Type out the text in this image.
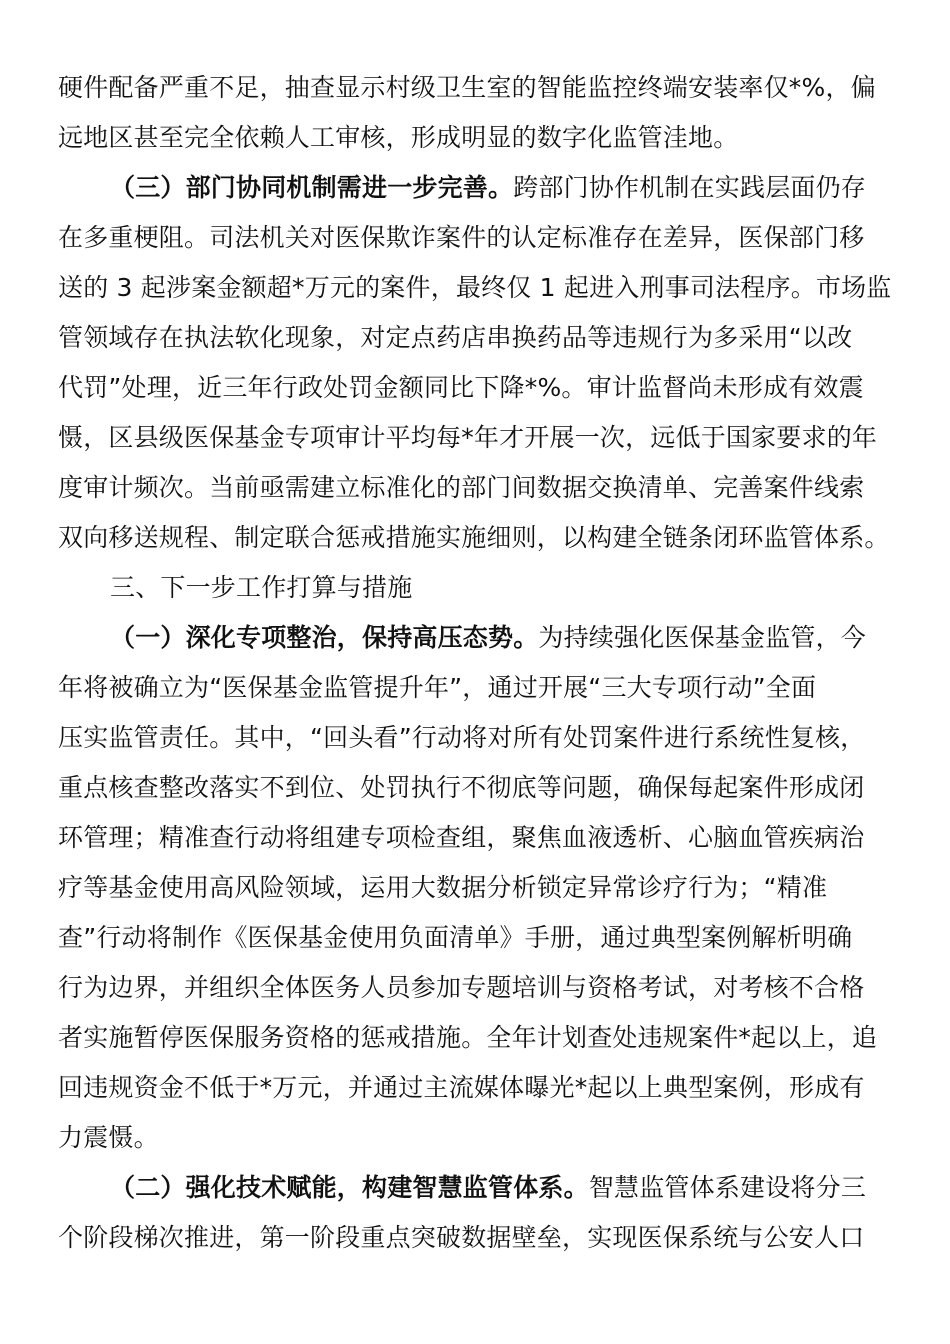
硬件配备严重不足，抽查显示村级卫生室的智能监控终端安装率仅*%，偏
远地区甚至完全依赖人工审核，形成明显的数字化监管洼地。
（三）部门协同机制需进一步完善。跨部门协作机制在实践层面仍存
在多重梗阻。司法机关对医保欺诈案件的认定标准存在差异，医保部门移
送的 3 起涉案金额超*万元的案件，最终仅 1 起进入刑事司法程序。市场监
管领域存在执法软化现象，对定点药店串换药品等违规行为多采用“以改
代罚”处理，近三年行政处罚金额同比下降*%。审计监督尚未形成有效震
慑，区县级医保基金专项审计平均每*年才开展一次，远低于国家要求的年
度审计频次。当前亟需建立标准化的部门间数据交换清单、完善案件线索
双向移送规程、制定联合惩戒措施实施细则，以构建全链条闭环监管体系。
三、下一步工作打算与措施
（一）深化专项整治，保持高压态势。为持续强化医保基金监管，今
年将被确立为“医保基金监管提升年”，通过开展“三大专项行动”全面
压实监管责任。其中，“回头看”行动将对所有处罚案件进行系统性复核，
重点核查整改落实不到位、处罚执行不彻底等问题，确保每起案件形成闭
环管理；精准查行动将组建专项检查组，聚焦血液透析、心脑血管疾病治
疗等基金使用高风险领域，运用大数据分析锁定异常诊疗行为；“精准
查”行动将制作《医保基金使用负面清单》手册，通过典型案例解析明确
行为边界，并组织全体医务人员参加专题培训与资格考试，对考核不合格
者实施暂停医保服务资格的惩戒措施。全年计划查处违规案件*起以上，追
回违规资金不低于*万元，并通过主流媒体曝光*起以上典型案例，形成有
力震慑。
（二）强化技术赋能，构建智慧监管体系。智慧监管体系建设将分三
个阶段梯次推进，第一阶段重点突破数据壁垒，实现医保系统与公安人口
